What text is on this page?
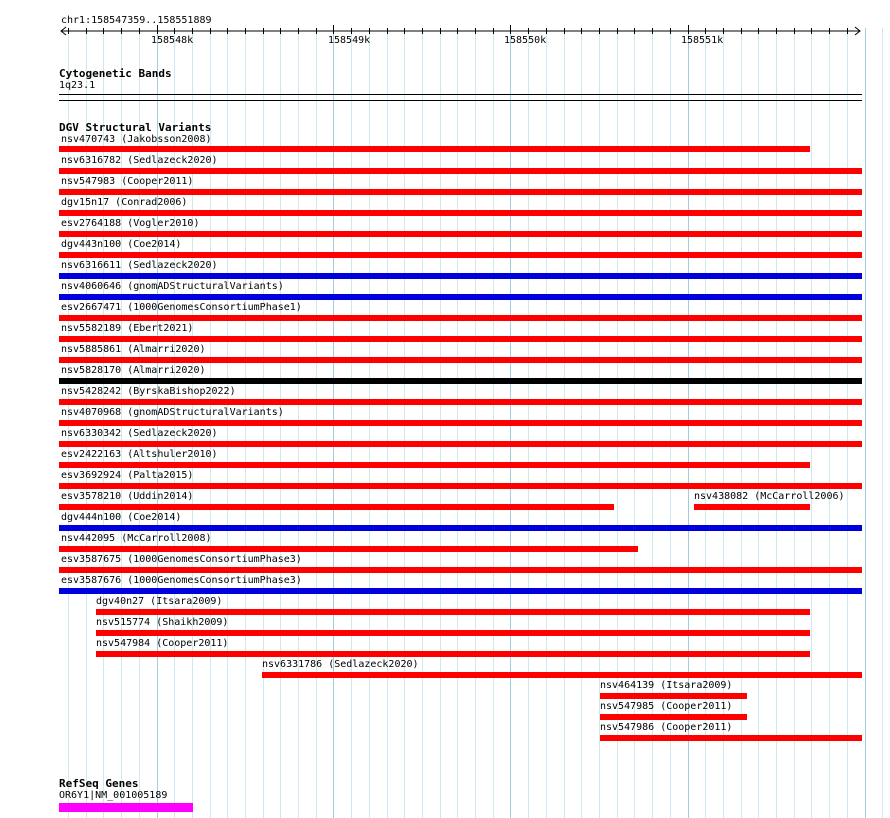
chr1:158547359..158551889
158548k	158549k	158550k	158551k
Cytogenetic Bands
1q23.1
DGV Structural Variants
nsv470743 (Jakobsson2008)
nsv6316782 (Sedlazeck2020)
nsv547983 (Cooper2011)
dgv15n17 (Conrad2006)
esv2764188 (Vogler2010)
dgv443n100 (Coe2014)
nsv6316611 (Sedlazeck2020)
nsv4060646 (gnomADStructuralVariants)
esv2667471 (1000GenomesConsortiumPhase1)
nsv5582189 (Ebert2021)
nsv5885861 (Almarri2020)
nsv5828170 (Almarri2020)
nsv5428242 (ByrskaBishop2022)
nsv4070968 (gnomADStructuralVariants)
nsv6330342 (Sedlazeck2020)
esv2422163 (Altshuler2010)
esv3692924 (Palta2015)
esv3578210 (Uddin2014)	nsv438082 (McCarroll2006)
dgv444n100 (Coe2014)
nsv442095 (McCarroll2008)
esv3587675 (1000GenomesConsortiumPhase3)
esv3587676 (1000GenomesConsortiumPhase3)
dgv40n27 (Itsara2009)
nsv515774 (Shaikh2009)
nsv547984 (Cooper2011)
nsv6331786 (Sedlazeck2020)
nsv464139 (Itsara2009)
nsv547985 (Cooper2011)
nsv547986 (Cooper2011)
RefSeq Genes
OR6Y1|NM_001005189
